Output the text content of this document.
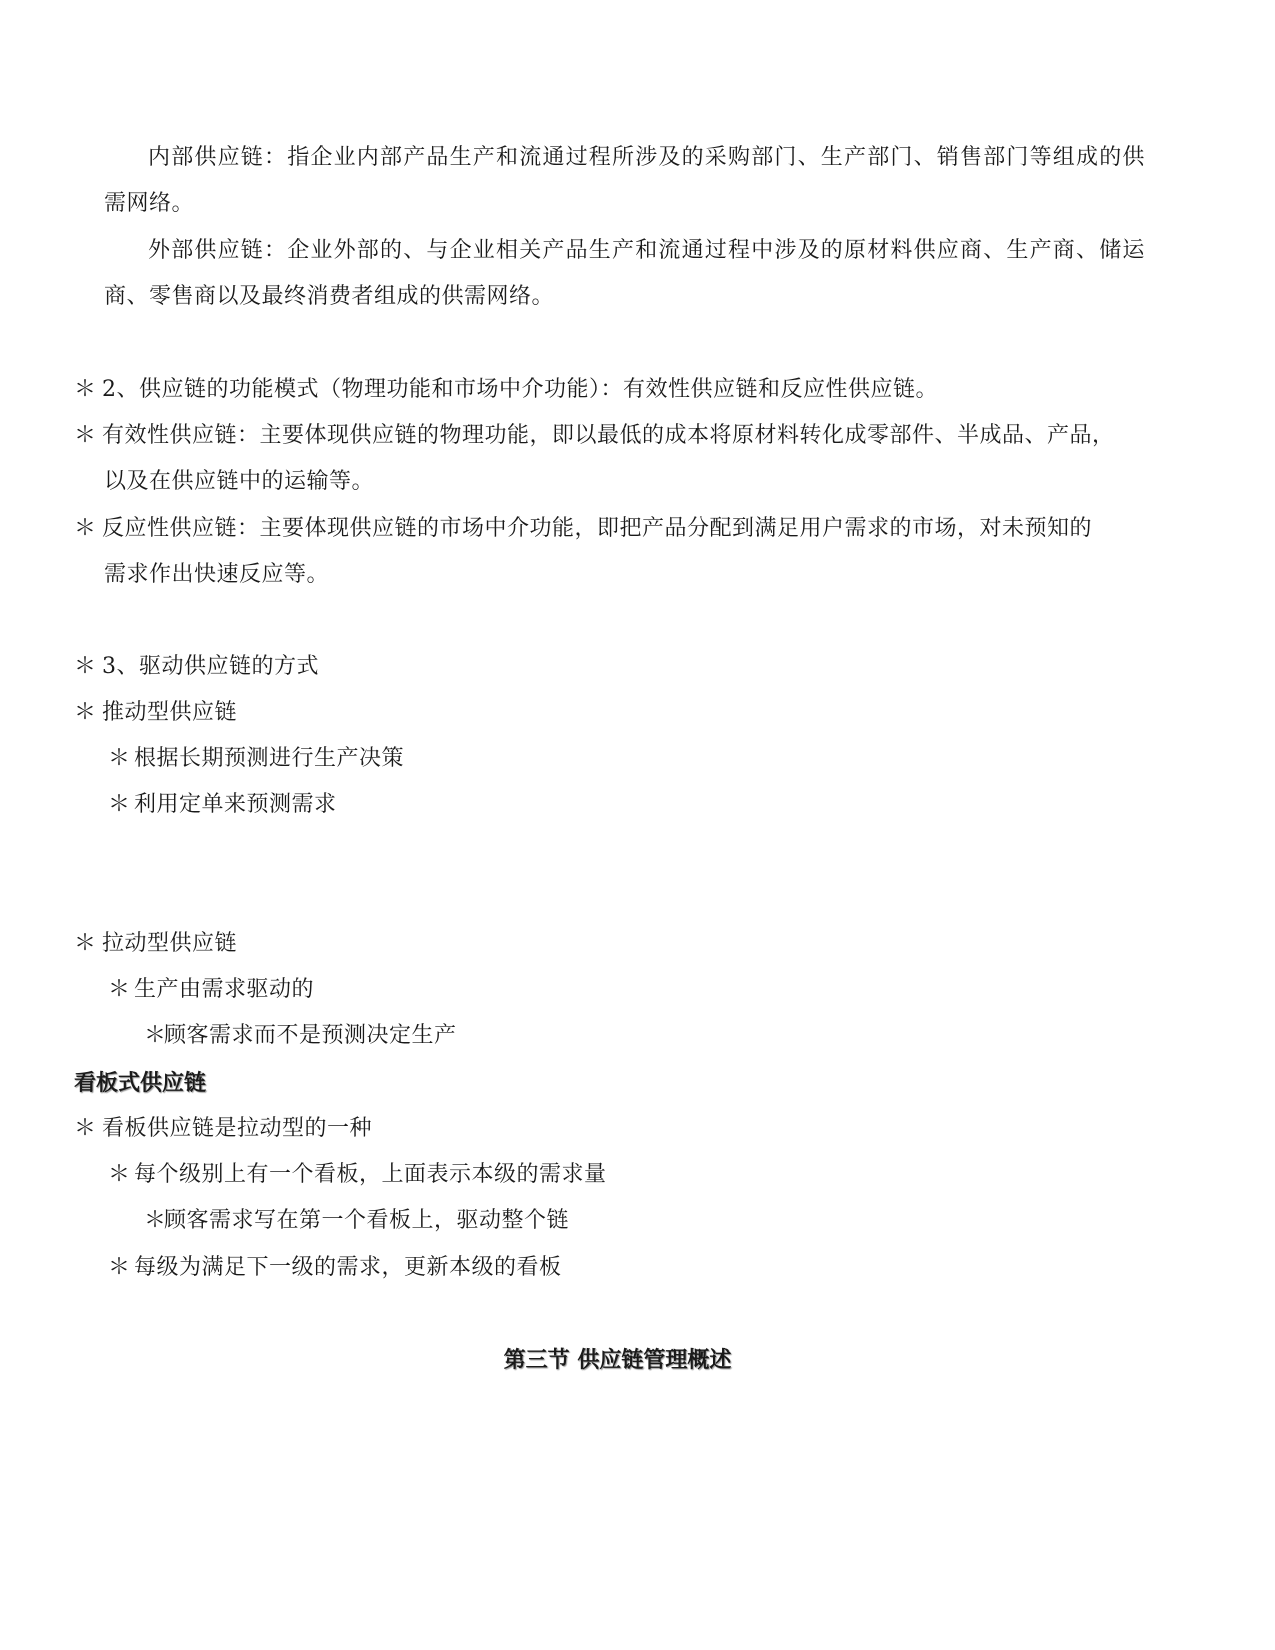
内部供应链：指企业内部产品生产和流通过程所涉及的采购部门、生产部门、销售部门等组成的供
需网络。
外部供应链：企业外部的、与企业相关产品生产和流通过程中涉及的原材料供应商、生产商、储运
商、零售商以及最终消费者组成的供需网络。
＊ 2、供应链的功能模式（物理功能和市场中介功能）：有效性供应链和反应性供应链。
＊ 有效性供应链：主要体现供应链的物理功能，即以最低的成本将原材料转化成零部件、半成品、产品，
以及在供应链中的运输等。
＊ 反应性供应链：主要体现供应链的市场中介功能，即把产品分配到满足用户需求的市场，对未预知的
需求作出快速反应等。
＊ 3、驱动供应链的方式
＊ 推动型供应链
＊ 根据长期预测进行生产决策
＊ 利用定单来预测需求
＊ 拉动型供应链
＊ 生产由需求驱动的
＊顾客需求而不是预测决定生产
看板式供应链
＊ 看板供应链是拉动型的一种
＊ 每个级别上有一个看板，上面表示本级的需求量
＊顾客需求写在第一个看板上，驱动整个链
＊ 每级为满足下一级的需求，更新本级的看板
第三节 供应链管理概述
